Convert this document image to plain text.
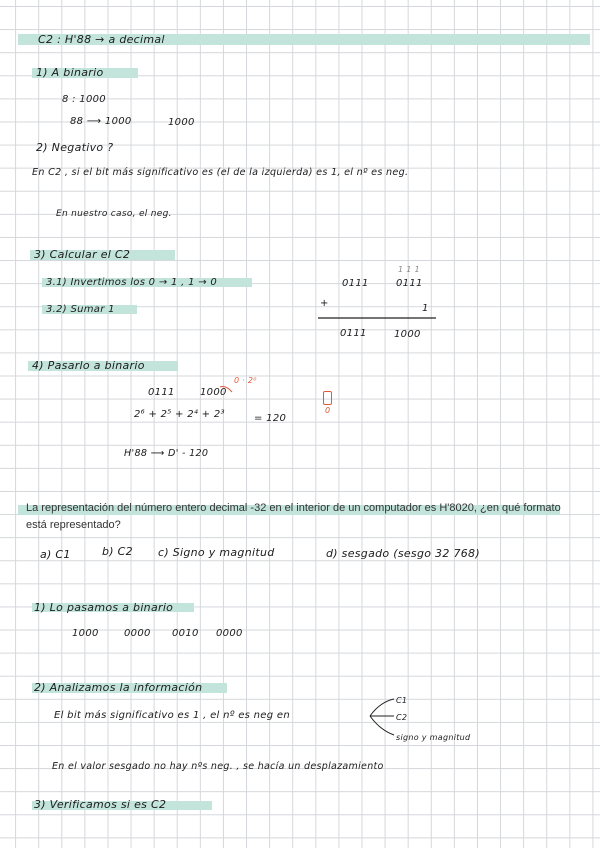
C2 : H'88 → a decimal
1) A binario
8 : 1000
88 ⟶ 1000	1000
2) Negativo ?
En C2 , si el bit más significativo es (el de la izquierda) es 1, el nº es neg.
En nuestro caso, el neg.
3) Calcular el C2
3.1) Invertimos los 0 → 1 , 1 → 0
3.2) Sumar 1
1 1 1
0111	0111
+	1
0111	1000
4) Pasarlo a binario
0111	1000
0 · 2⁰
2⁶ + 2⁵ + 2⁴ + 2³	= 120
0
H'88 ⟶ D' - 120
La representación del número entero decimal -32 en el interior de un computador es H'8020, ¿en qué formato está representado?
a) C1	b) C2 c) Signo y magnitud	d) sesgado (sesgo 32 768)
1) Lo pasamos a binario
1000	0000 0010 0000
2) Analizamos la información
El bit más significativo es 1 , el nº es neg en
C1
C2
signo y magnitud
En el valor sesgado no hay nºs neg. , se hacía un desplazamiento
3) Verificamos si es C2
